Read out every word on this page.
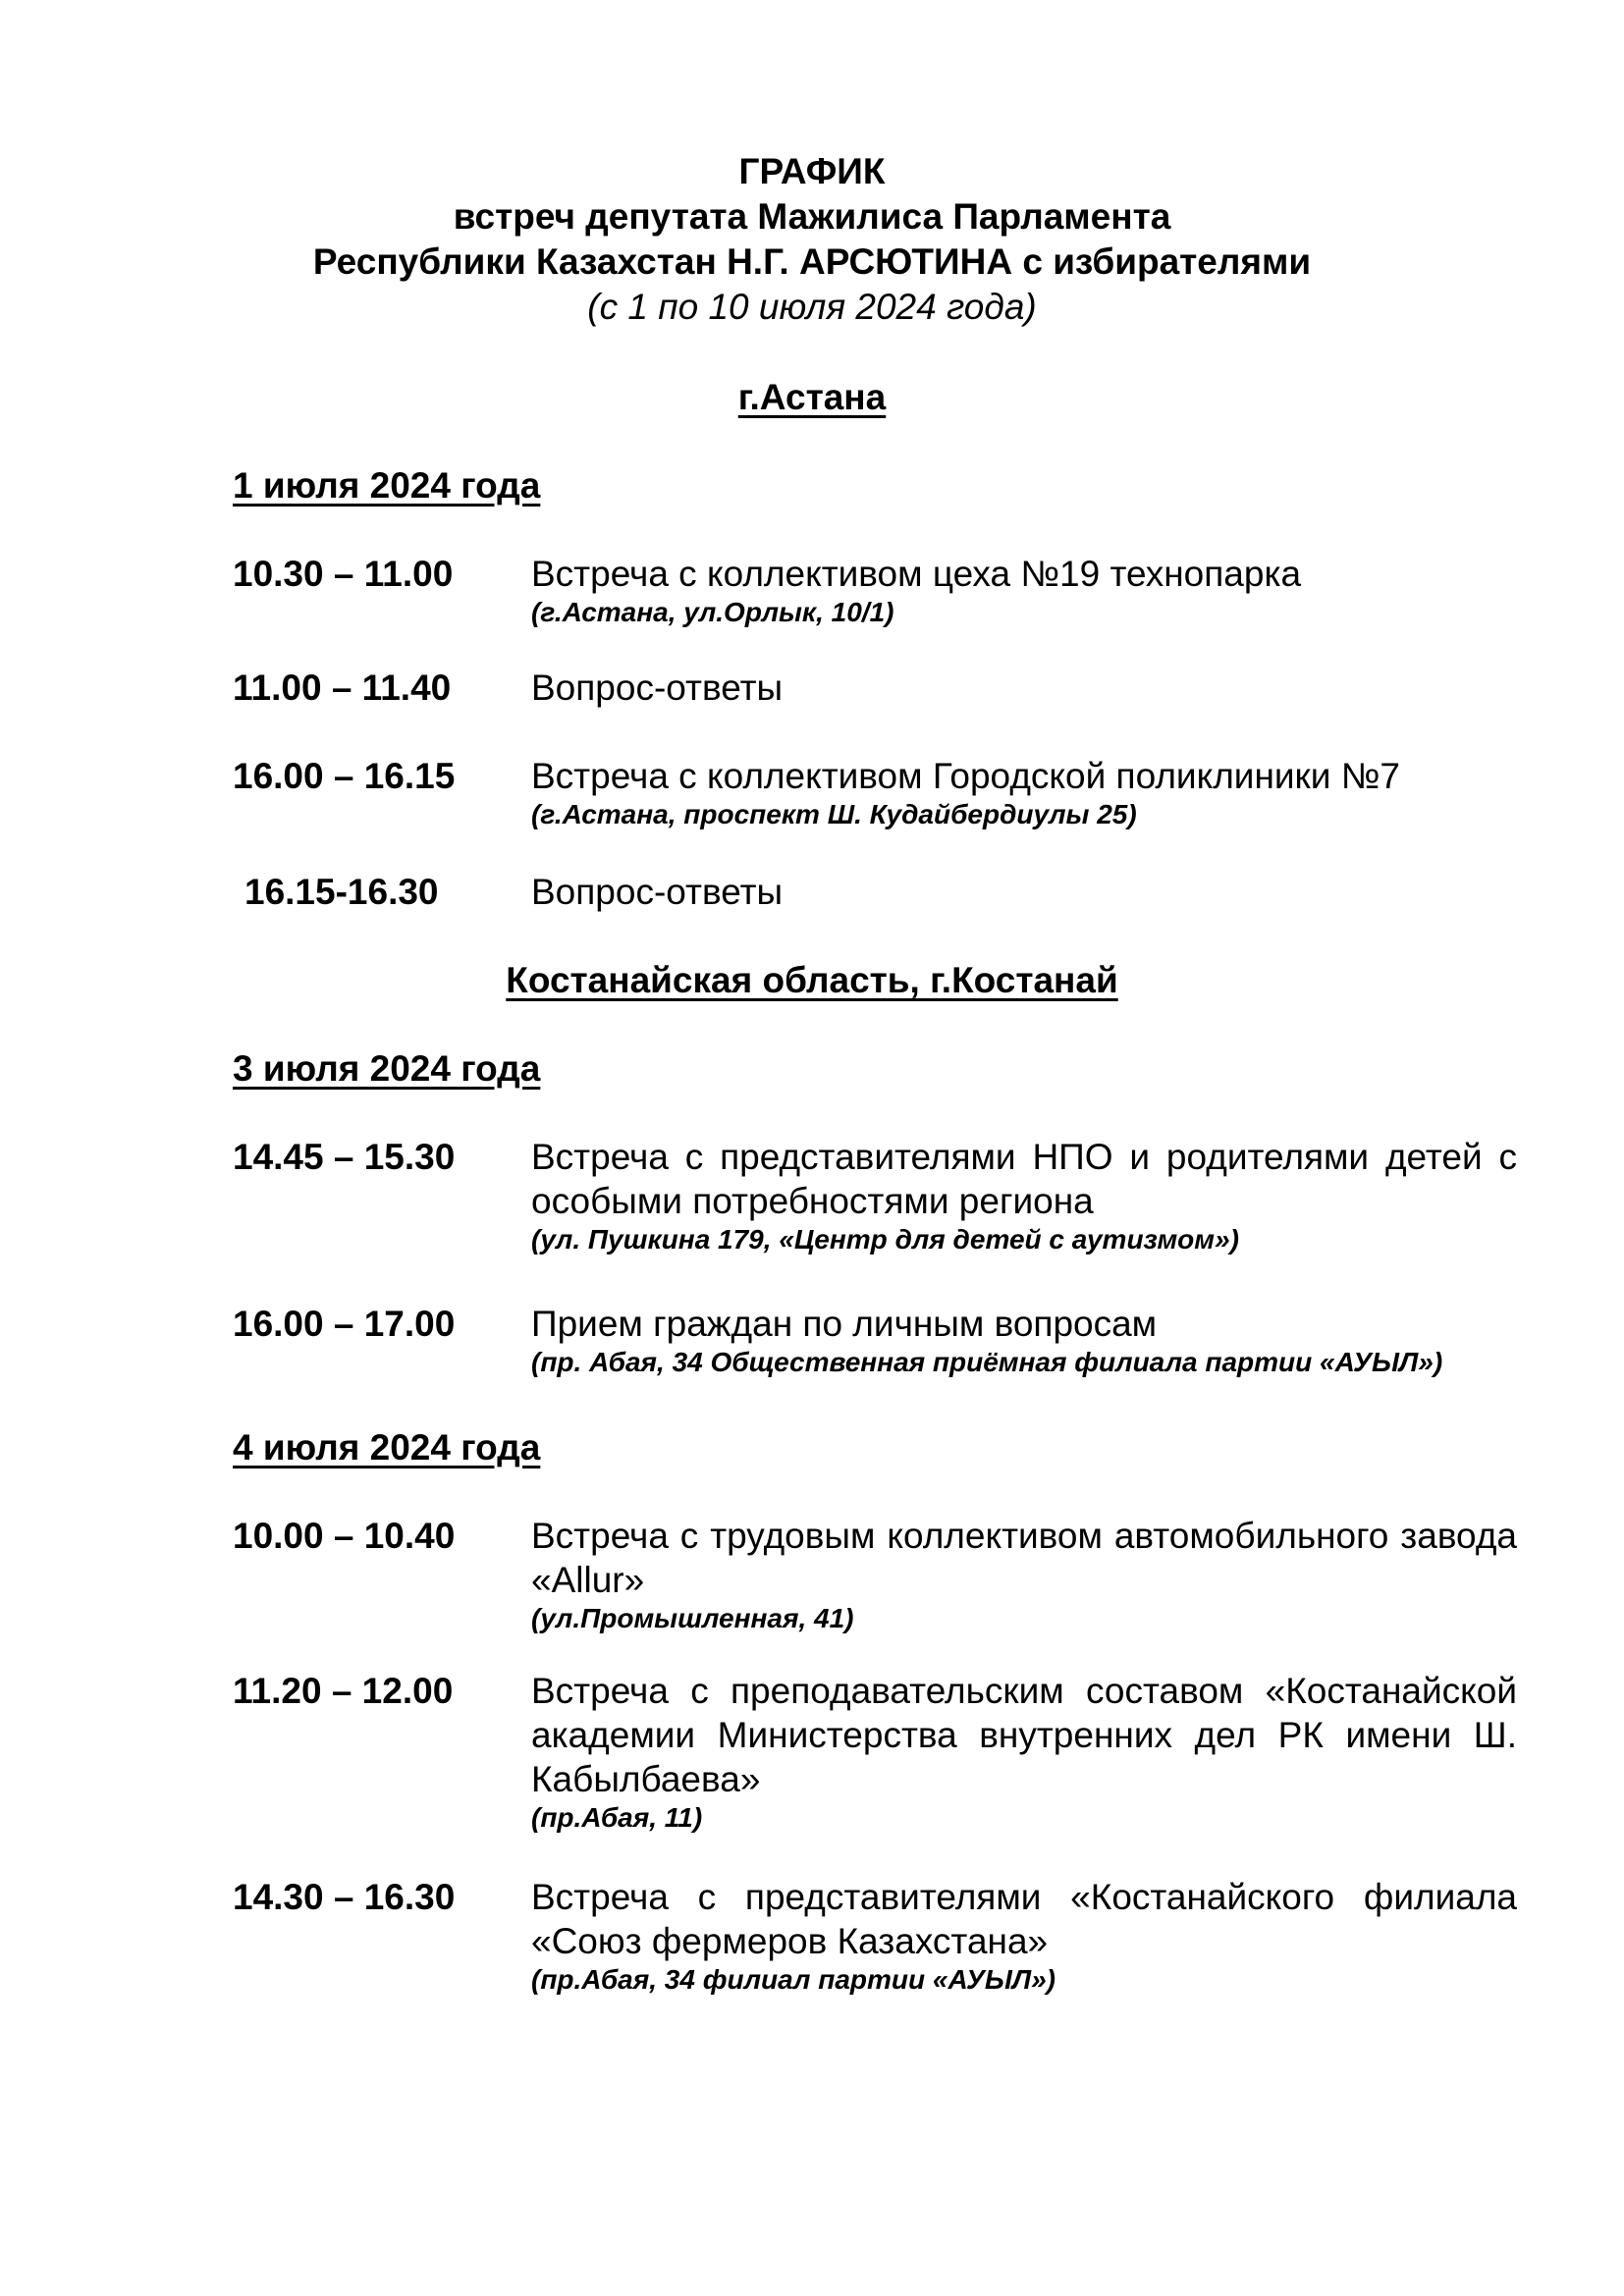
ГРАФИК
встреч депутата Мажилиса Парламента
Республики Казахстан Н.Г. АРСЮТИНА с избирателями
(с 1 по 10 июля 2024 года)
г.Астана
1 июля 2024 года
10.30 – 11.00 Встреча с коллективом цеха №19 технопарка
(г.Астана, ул.Орлык, 10/1)
11.00 – 11.40 Вопрос-ответы
16.00 – 16.15 Встреча с коллективом Городской поликлиники №7
(г.Астана, проспект Ш. Кудайбердиулы 25)
16.15-16.30	Вопрос-ответы
Костанайская область, г.Костанай
3 июля 2024 года
14.45 – 15.30 Встреча с представителями НПО и родителями детей с особыми потребностями региона
(ул. Пушкина 179, «Центр для детей с аутизмом»)
16.00 – 17.00 Прием граждан по личным вопросам
(пр. Абая, 34 Общественная приёмная филиала партии «АУЫЛ»)
4 июля 2024 года
10.00 – 10.40 Встреча с трудовым коллективом автомобильного завода «Allur»
(ул.Промышленная, 41)
11.20 – 12.00 Встреча с преподавательским составом «Костанайской академии Министерства внутренних дел РК имени Ш. Кабылбаева»
(пр.Абая, 11)
14.30 – 16.30 Встреча с представителями «Костанайского филиала «Союз фермеров Казахстана»
(пр.Абая, 34 филиал партии «АУЫЛ»)
